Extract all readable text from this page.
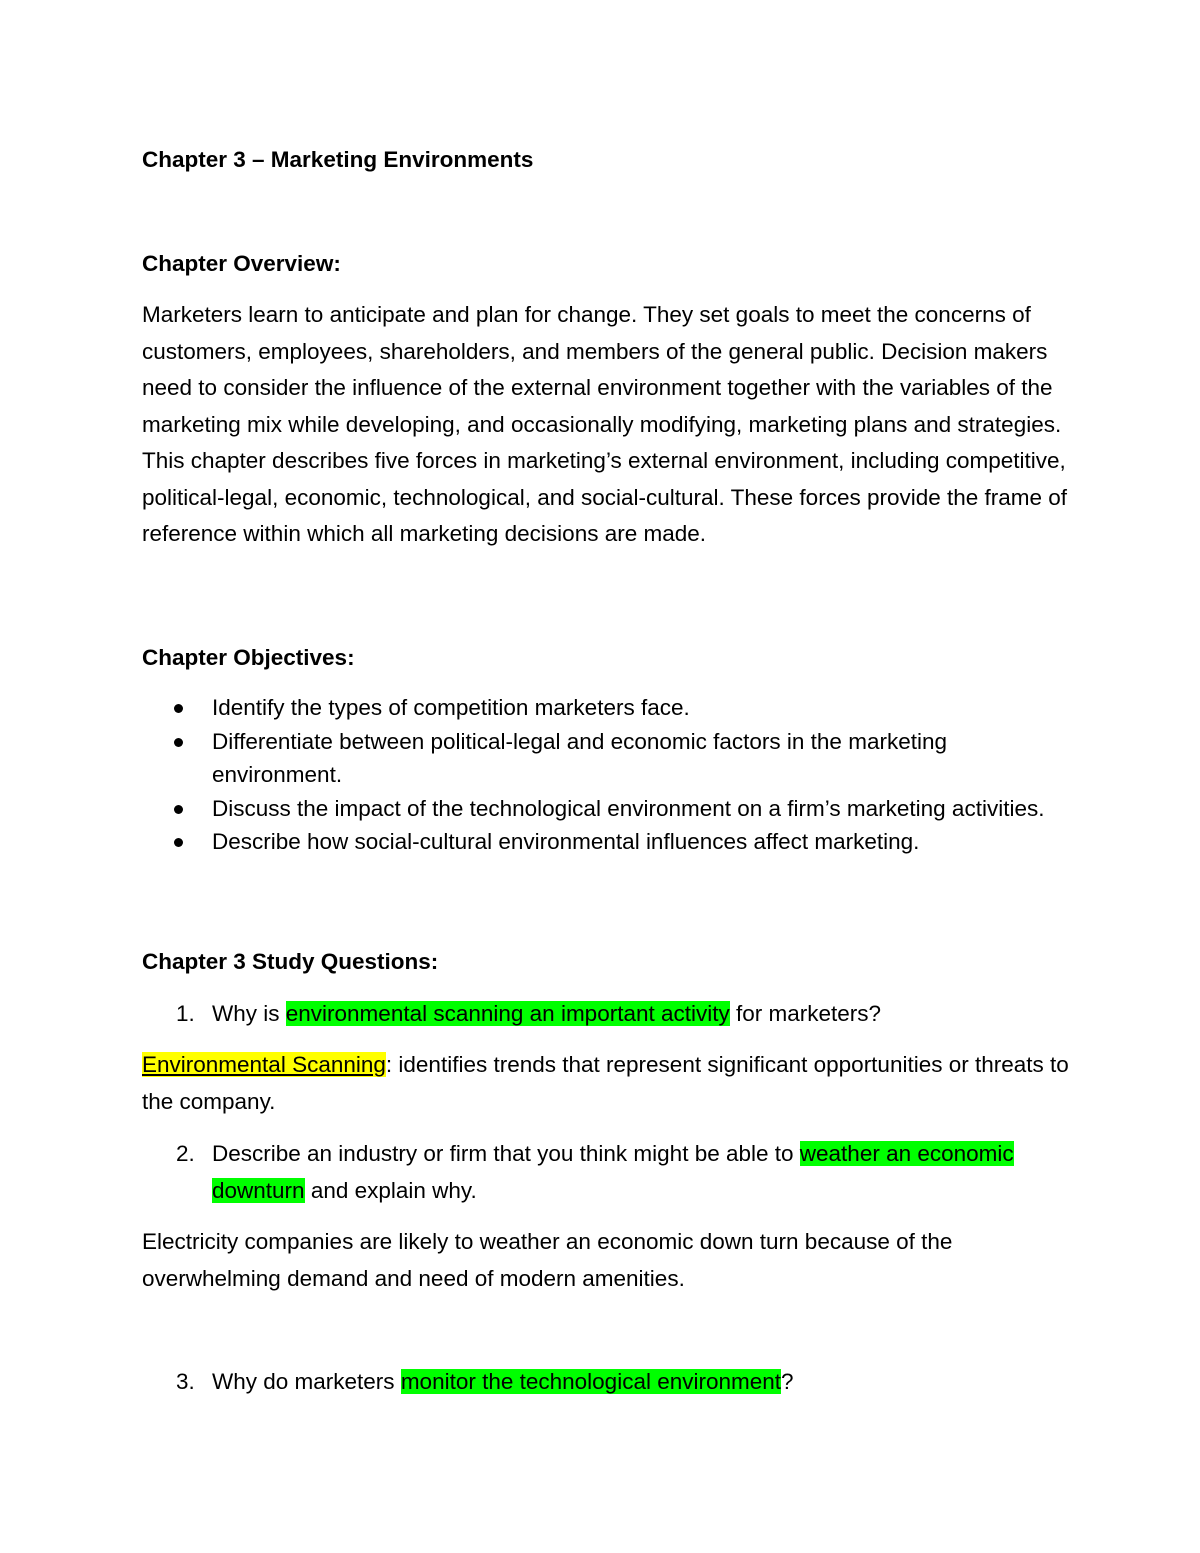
Chapter 3 – Marketing Environments

Chapter Overview:

Marketers learn to anticipate and plan for change. They set goals to meet the concerns of customers, employees, shareholders, and members of the general public. Decision makers need to consider the influence of the external environment together with the variables of the marketing mix while developing, and occasionally modifying, marketing plans and strategies. This chapter describes five forces in marketing’s external environment, including competitive, political-legal, economic, technological, and social-cultural. These forces provide the frame of reference within which all marketing decisions are made.

Chapter Objectives:

Identify the types of competition marketers face.
Differentiate between political-legal and economic factors in the marketing environment.
Discuss the impact of the technological environment on a firm’s marketing activities.
Describe how social-cultural environmental influences affect marketing.

Chapter 3 Study Questions:

1. Why is environmental scanning an important activity for marketers?

Environmental Scanning: identifies trends that represent significant opportunities or threats to the company.

2. Describe an industry or firm that you think might be able to weather an economic downturn and explain why.

Electricity companies are likely to weather an economic down turn because of the overwhelming demand and need of modern amenities.

3. Why do marketers monitor the technological environment?
